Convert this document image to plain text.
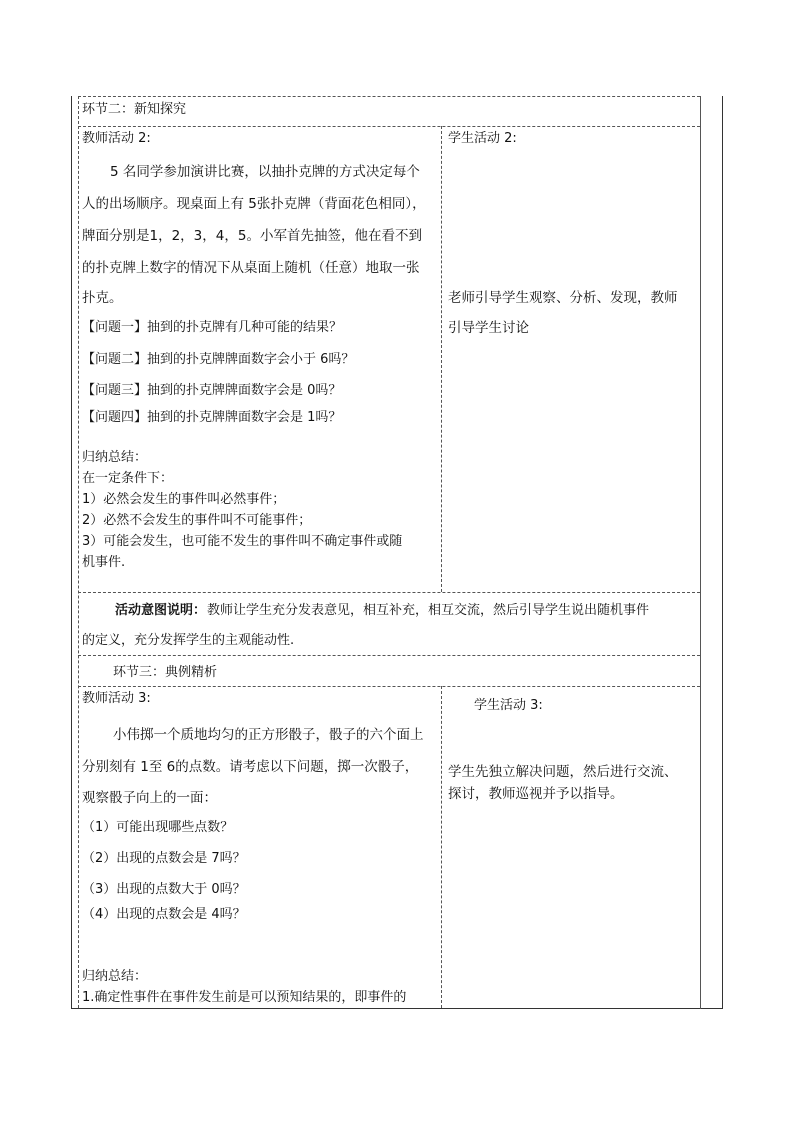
环节二：新知探究
教师活动 2:	学生活动 2:
5 名同学参加演讲比赛，以抽扑克牌的方式决定每个
人的出场顺序。现桌面上有 5张扑克牌（背面花色相同），
牌面分别是1，2，3，4，5。小军首先抽签，他在看不到
的扑克牌上数字的情况下从桌面上随机（任意）地取一张
扑克。
【问题一】抽到的扑克牌有几种可能的结果？
【问题二】抽到的扑克牌牌面数字会小于 6吗？
【问题三】抽到的扑克牌牌面数字会是 0吗？
【问题四】抽到的扑克牌牌面数字会是 1吗？
归纳总结：
在一定条件下：
1）必然会发生的事件叫必然事件；
2）必然不会发生的事件叫不可能事件；
3）可能会发生，也可能不发生的事件叫不确定事件或随
机事件.
老师引导学生观察、分析、发现，教师
引导学生讨论
活动意图说明： 教师让学生充分发表意见，相互补充，相互交流，然后引导学生说出随机事件
的定义，充分发挥学生的主观能动性.
环节三：典例精析
教师活动 3:	学生活动 3:
小伟掷一个质地均匀的正方形骰子，骰子的六个面上
分别刻有 1至 6的点数。请考虑以下问题，掷一次骰子，
观察骰子向上的一面：
（1）可能出现哪些点数？
（2）出现的点数会是 7吗？
（3）出现的点数大于 0吗？
（4）出现的点数会是 4吗？
归纳总结：
1.确定性事件在事件发生前是可以预知结果的，即事件的
学生先独立解决问题，然后进行交流、
探讨，教师巡视并予以指导。
